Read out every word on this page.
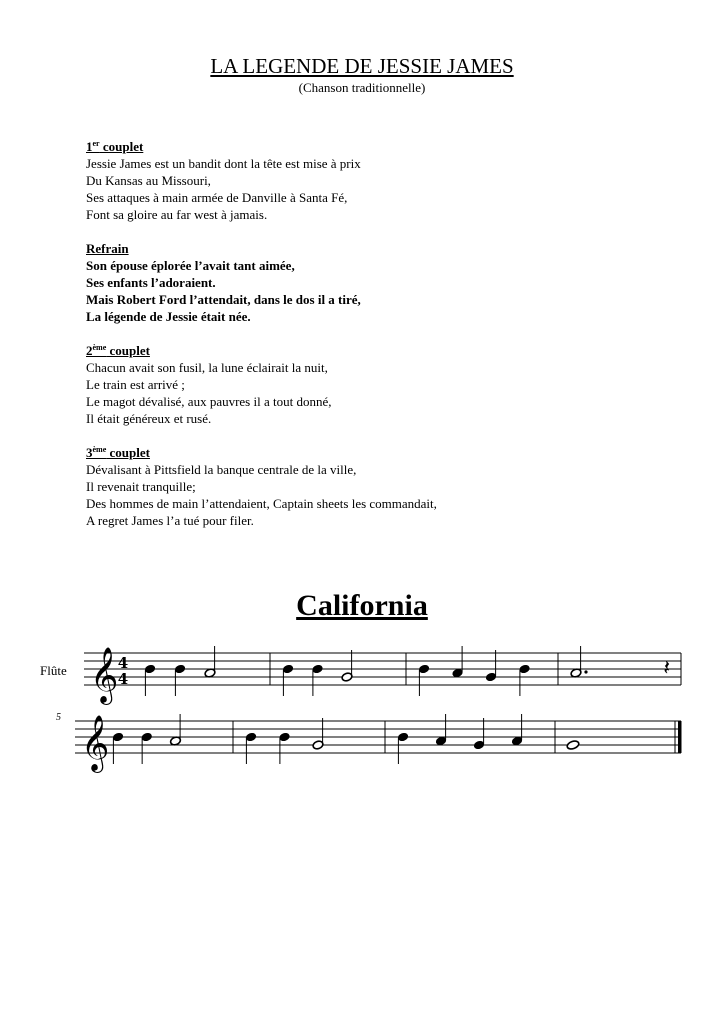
LA LEGENDE DE JESSIE JAMES
(Chanson traditionnelle)
1er couplet
Jessie James est un bandit dont la tête est mise à prix
Du Kansas au Missouri,
Ses attaques à main armée de Danville à Santa Fé,
Font sa gloire au far west à jamais.
Refrain
Son épouse éplorée l’avait tant aimée,
Ses enfants l’adoraient.
Mais Robert Ford l’attendait, dans le dos il a tiré,
La légende de Jessie était née.
2ème couplet
Chacun avait son fusil, la lune éclairait la nuit,
Le train est arrivé ;
Le magot dévalisé, aux pauvres il a tout donné,
Il était généreux et rusé.
3ème couplet
Dévalisant à Pittsfield la banque centrale de la ville,
Il revenait tranquille;
Des hommes de main l’attendaient, Captain sheets les commandait,
A regret James l’a tué pour filer.
California
Flûte
5
𝄞 4
4	𝄽
𝄞
